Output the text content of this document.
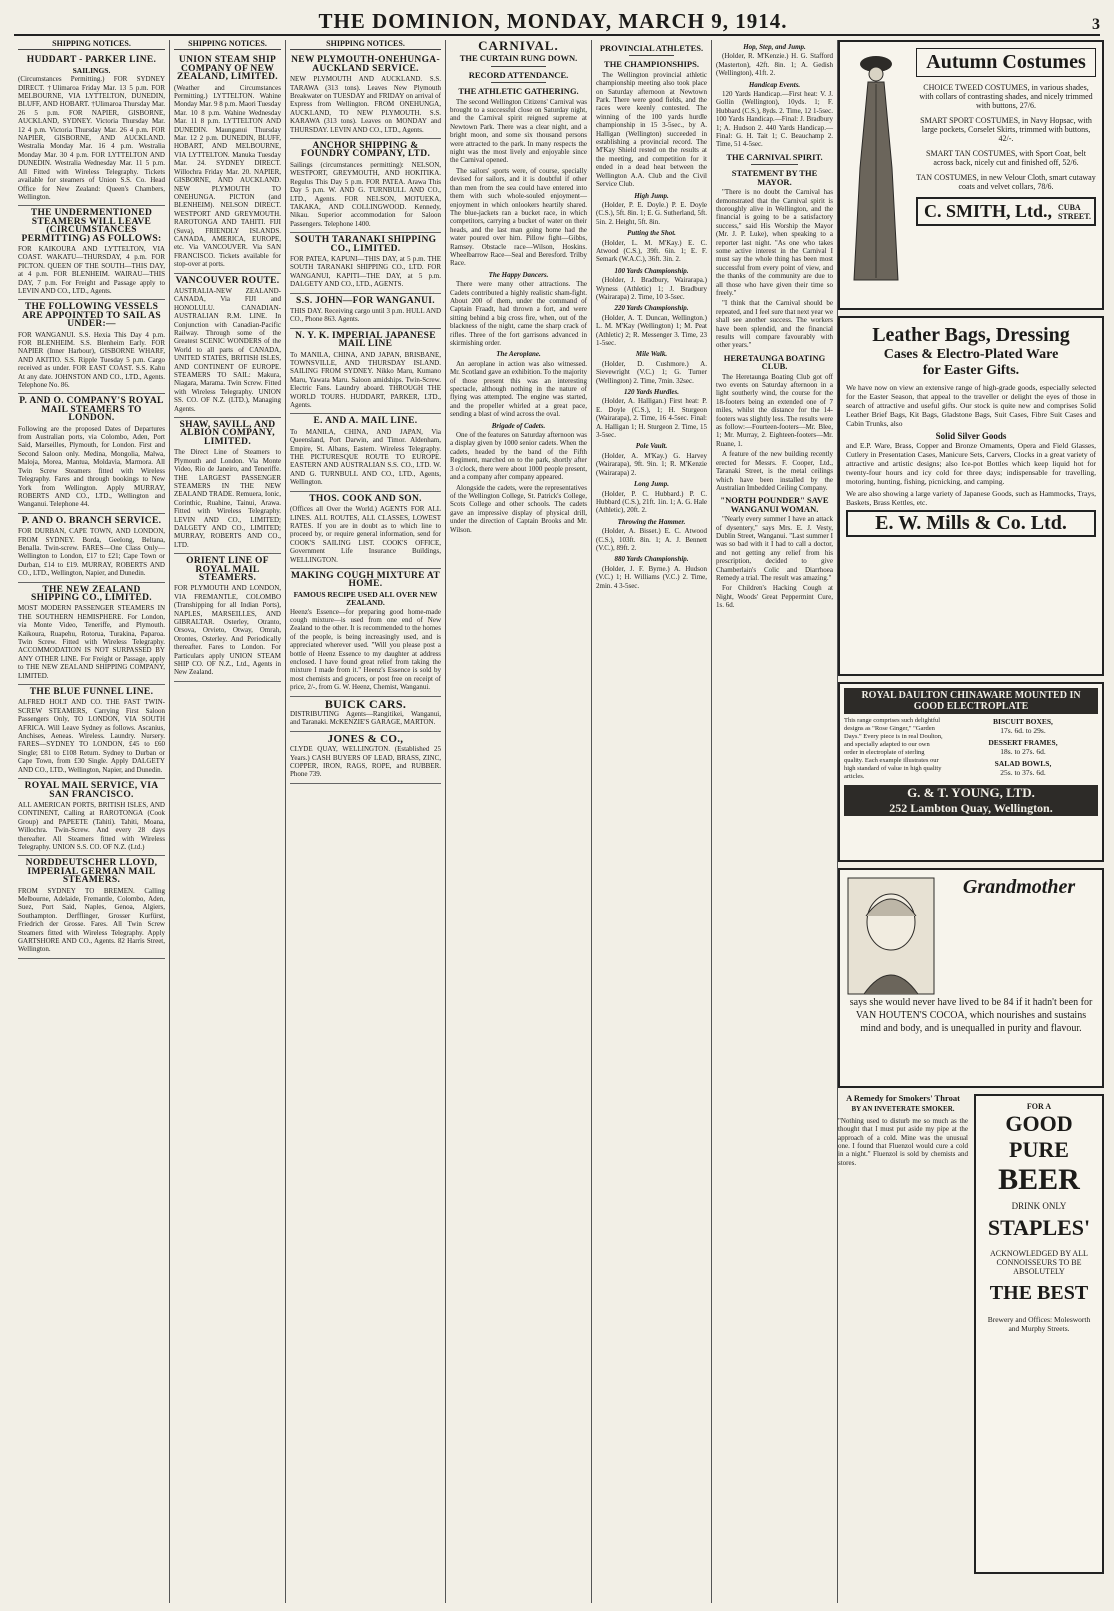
THE DOMINION, MONDAY, MARCH 9, 1914.	3
SHIPPING NOTICES.
HUDDART - PARKER LINE.
SAILINGS.

(Circumstances Permitting.) FOR SYDNEY DIRECT. †Ulimaroa Friday Mar. 13 5 p.m. FOR MELBOURNE, VIA LYTTELTON, DUNEDIN, BLUFF, AND HOBART. †Ulimaroa Thursday Mar. 26 5 p.m. FOR NAPIER, GISBORNE, AUCKLAND, SYDNEY. Victoria Thursday Mar. 12 4 p.m. Victoria Thursday Mar. 26 4 p.m. FOR NAPIER, GISBORNE, AND AUCKLAND. Westralia Monday Mar. 16 4 p.m. Westralia Monday Mar. 30 4 p.m. FOR LYTTELTON AND DUNEDIN. Westralia Wednesday Mar. 11 5 p.m. All Fitted with Wireless Telegraphy. Tickets available for steamers of Union S.S. Co. Head Office for New Zealand: Queen's Chambers, Wellington.

THE UNDERMENTIONED STEAMERS WILL LEAVE (CIRCUMSTANCES PERMITTING) AS FOLLOWS:

FOR KAIKOURA AND LYTTELTON, VIA COAST. WAKATU—THURSDAY, 4 p.m. FOR PICTON. QUEEN OF THE SOUTH—THIS DAY, at 4 p.m. FOR BLENHEIM. WAIRAU—THIS DAY, 7 p.m. For Freight and Passage apply to LEVIN AND CO., LTD., Agents.

THE FOLLOWING VESSELS ARE APPOINTED TO SAIL AS UNDER:—

FOR WANGANUI. S.S. Hexia This Day 4 p.m. FOR BLENHEIM. S.S. Blenheim Early. FOR NAPIER (Inner Harbour), GISBORNE WHARF, AND AKITIO. S.S. Ripple Tuesday 5 p.m. Cargo received as under. FOR EAST COAST. S.S. Kahu At any date. JOHNSTON AND CO., LTD., Agents. Telephone No. 86.

P. AND O. COMPANY'S ROYAL MAIL STEAMERS TO LONDON.

Following are the proposed Dates of Departures from Australian ports, via Colombo, Aden, Port Said, Marseilles, Plymouth, for London. First and Second Saloon only. Medina, Mongolia, Malwa, Maloja, Morea, Mantua, Moldavia, Marmora. All Twin Screw Steamers fitted with Wireless Telegraphy. Fares and through bookings to New York from Wellington. Apply MURRAY, ROBERTS AND CO., LTD., Wellington and Wanganui. Telephone 44.

P. AND O. BRANCH SERVICE.

FOR DURBAN, CAPE TOWN, AND LONDON, FROM SYDNEY. Borda, Geelong, Beltana, Benalla. Twin-screw. FARES—One Class Only—Wellington to London, £17 to £21; Cape Town or Durban, £14 to £19. MURRAY, ROBERTS AND CO., LTD., Wellington, Napier, and Dunedin.

THE NEW ZEALAND SHIPPING CO., LIMITED.

MOST MODERN PASSENGER STEAMERS IN THE SOUTHERN HEMISPHERE. For London, via Monte Video, Teneriffe, and Plymouth. Kaikoura, Ruapehu, Rotorua, Turakina, Paparoa. Twin Screw. Fitted with Wireless Telegraphy. ACCOMMODATION IS NOT SURPASSED BY ANY OTHER LINE. For Freight or Passage, apply to THE NEW ZEALAND SHIPPING COMPANY, LIMITED.

THE BLUE FUNNEL LINE.

ALFRED HOLT AND CO. THE FAST TWIN-SCREW STEAMERS, Carrying First Saloon Passengers Only, TO LONDON, VIA SOUTH AFRICA. Will Leave Sydney as follows. Ascanius, Anchises, Aeneas. Wireless. Laundry. Nursery. FARES—SYDNEY TO LONDON, £45 to £60 Single; £81 to £108 Return. Sydney to Durban or Cape Town, from £30 Single. Apply DALGETY AND CO., LTD., Wellington, Napier, and Dunedin.

ROYAL MAIL SERVICE, VIA SAN FRANCISCO.

ALL AMERICAN PORTS, BRITISH ISLES, AND CONTINENT, Calling at RAROTONGA (Cook Group) and PAPEETE (Tahiti). Tahiti, Moana, Willochra. Twin-Screw. And every 28 days thereafter. All Steamers fitted with Wireless Telegraphy. UNION S.S. CO. OF N.Z. (Ltd.)

NORDDEUTSCHER LLOYD, IMPERIAL GERMAN MAIL STEAMERS.

FROM SYDNEY TO BREMEN. Calling Melbourne, Adelaide, Fremantle, Colombo, Aden, Suez, Port Said, Naples, Genoa, Algiers, Southampton. Derfflinger, Grosser Kurfürst, Friedrich der Grosse. Fares. All Twin Screw Steamers fitted with Wireless Telegraphy. Apply GARTSHORE AND CO., Agents. 82 Harris Street, Wellington.

SHIPPING NOTICES.
UNION STEAM SHIP COMPANY OF NEW ZEALAND, LIMITED.

(Weather and Circumstances Permitting.) LYTTELTON. Wahine Monday Mar. 9 8 p.m. Maori Tuesday Mar. 10 8 p.m. Wahine Wednesday Mar. 11 8 p.m. LYTTELTON AND DUNEDIN. Maunganui Thursday Mar. 12 2 p.m. DUNEDIN, BLUFF, HOBART, AND MELBOURNE, VIA LYTTELTON. Manuka Tuesday Mar. 24. SYDNEY DIRECT. Willochra Friday Mar. 20. NAPIER, GISBORNE, AND AUCKLAND. NEW PLYMOUTH TO ONEHUNGA. PICTON (and BLENHEIM). NELSON DIRECT. WESTPORT AND GREYMOUTH. RAROTONGA AND TAHITI. FIJI (Suva), FRIENDLY ISLANDS. CANADA, AMERICA, EUROPE, etc. Via VANCOUVER. Via SAN FRANCISCO. Tickets available for stop-over at ports.

VANCOUVER ROUTE.

AUSTRALIA-NEW ZEALAND-CANADA, Via FIJI and HONOLULU. CANADIAN-AUSTRALIAN R.M. LINE. In Conjunction with Canadian-Pacific Railway. Through some of the Greatest SCENIC WONDERS of the World to all parts of CANADA, UNITED STATES, BRITISH ISLES, AND CONTINENT OF EUROPE. STEAMERS TO SAIL: Makura, Niagara, Marama. Twin Screw. Fitted with Wireless Telegraphy. UNION SS. CO. OF N.Z. (LTD.), Managing Agents.

SHAW, SAVILL, AND ALBION COMPANY, LIMITED.

The Direct Line of Steamers to Plymouth and London. Via Monte Video, Rio de Janeiro, and Teneriffe. THE LARGEST PASSENGER STEAMERS IN THE NEW ZEALAND TRADE. Remuera, Ionic, Corinthic, Ruahine, Tainui, Arawa. Fitted with Wireless Telegraphy. LEVIN AND CO., LIMITED; DALGETY AND CO., LIMITED; MURRAY, ROBERTS AND CO., LTD.

ORIENT LINE OF ROYAL MAIL STEAMERS.

FOR PLYMOUTH AND LONDON, VIA FREMANTLE, COLOMBO (Transhipping for all Indian Ports), NAPLES, MARSEILLES, AND GIBRALTAR. Osterley, Otranto, Orsova, Orvieto, Otway, Omrah, Orontes, Osterley. And Periodically thereafter. Fares to London. For Particulars apply UNION STEAM SHIP CO. OF N.Z., Ltd., Agents in New Zealand.

SHIPPING NOTICES.
NEW PLYMOUTH-ONEHUNGA-AUCKLAND SERVICE.

NEW PLYMOUTH AND AUCKLAND. S.S. TARAWA (313 tons). Leaves New Plymouth Breakwater on TUESDAY and FRIDAY on arrival of Express from Wellington. FROM ONEHUNGA, AUCKLAND, TO NEW PLYMOUTH. S.S. KARAWA (313 tons). Leaves on MONDAY and THURSDAY. LEVIN AND CO., LTD., Agents.

ANCHOR SHIPPING & FOUNDRY COMPANY, LTD.

Sailings (circumstances permitting): NELSON, WESTPORT, GREYMOUTH, AND HOKITIKA. Regulus This Day 5 p.m. FOR PATEA. Arawa This Day 5 p.m. W. AND G. TURNBULL AND CO., LTD., Agents. FOR NELSON, MOTUEKA, TAKAKA, AND COLLINGWOOD. Kennedy, Nikau. Superior accommodation for Saloon Passengers. Telephone 1400.

SOUTH TARANAKI SHIPPING CO., LIMITED.

FOR PATEA, KAPUNI—THIS DAY, at 5 p.m. THE SOUTH TARANAKI SHIPPING CO., LTD. FOR WANGANUI, KAPITI—THE DAY, at 5 p.m. DALGETY AND CO., LTD., AGENTS.

S.S. JOHN—FOR WANGANUI.

THIS DAY. Receiving cargo until 3 p.m. HULL AND CO., Phone 863. Agents.

N. Y. K. IMPERIAL JAPANESE MAIL LINE

To MANILA, CHINA, AND JAPAN, BRISBANE, TOWNSVILLE, AND THURSDAY ISLAND. SAILING FROM SYDNEY. Nikko Maru, Kumano Maru, Yawata Maru. Saloon amidships. Twin-Screw. Electric Fans. Laundry aboard. THROUGH THE WORLD TOURS. HUDDART, PARKER, LTD., Agents.

E. AND A. MAIL LINE.

To MANILA, CHINA, AND JAPAN, Via Queensland, Port Darwin, and Timor. Aldenham, Empire, St. Albans, Eastern. Wireless Telegraphy. THE PICTURESQUE ROUTE TO EUROPE. EASTERN AND AUSTRALIAN S.S. CO., LTD. W. AND G. TURNBULL AND CO., LTD., Agents, Wellington.

THOS. COOK AND SON.

(Offices all Over the World.) AGENTS FOR ALL LINES. ALL ROUTES, ALL CLASSES, LOWEST RATES. If you are in doubt as to which line to proceed by, or require general information, send for COOK'S SAILING LIST. COOK'S OFFICE, Government Life Insurance Buildings, WELLINGTON.

MAKING COUGH MIXTURE AT HOME.
FAMOUS RECIPE USED ALL OVER NEW ZEALAND.

Heenz's Essence—for preparing good home-made cough mixture—is used from one end of New Zealand to the other. It is recommended to the homes of the people, is being increasingly used, and is appreciated wherever used. "Will you please post a bottle of Heenz Essence to my daughter at address enclosed. I have found great relief from taking the mixture I made from it." Heenz's Essence is sold by most chemists and grocers, or post free on receipt of price, 2/-, from G. W. Heenz, Chemist, Wanganui.

BUICK CARS.

DISTRIBUTING Agents—Rangitikei, Wanganui, and Taranaki. McKENZIE'S GARAGE, MARTON.

JONES & CO.,

CLYDE QUAY, WELLINGTON. (Established 25 Years.) CASH BUYERS OF LEAD, BRASS, ZINC, COPPER, IRON, RAGS, ROPE, and RUBBER. Phone 739.

CARNIVAL.
THE CURTAIN RUNG DOWN.
RECORD ATTENDANCE.
THE ATHLETIC GATHERING.

The second Wellington Citizens' Carnival was brought to a successful close on Saturday night, and the Carnival spirit reigned supreme at Newtown Park. There was a clear night, and a bright moon, and some six thousand persons were attracted to the park. In many respects the night was the most lively and enjoyable since the Carnival opened.

The sailors' sports were, of course, specially devised for sailors, and it is doubtful if other than men from the sea could have entered into them with such whole-souled enjoyment—enjoyment in which onlookers heartily shared. The blue-jackets ran a bucket race, in which competitors, carrying a bucket of water on their heads, and the last man going home had the water poured over him. Pillow fight—Gibbs, Ramsey. Obstacle race—Wilson, Hoskins. Wheelbarrow Race—Seal and Beresford. Trilby Race.

The Happy Dancers.

There were many other attractions. The Cadets contributed a highly realistic sham-fight. About 200 of them, under the command of Captain Fraadt, had thrown a fort, and were sitting behind a big cross fire, when, out of the blackness of the night, came the sharp crack of rifles. Three of the fort garrisons advanced in skirmishing order.

The Aeroplane.

An aeroplane in action was also witnessed. Mr. Scotland gave an exhibition. To the majority of those present this was an interesting spectacle, although nothing in the nature of flying was attempted. The engine was started, and the propeller whirled at a great pace, sending a blast of wind across the oval.

Brigade of Cadets.

One of the features on Saturday afternoon was a display given by 1000 senior cadets. When the cadets, headed by the band of the Fifth Regiment, marched on to the park, shortly after 3 o'clock, there were about 1000 people present, and a company after company appeared.

Alongside the cadets, were the representatives of the Wellington College, St. Patrick's College, Scots College and other schools. The cadets gave an impressive display of physical drill, under the direction of Captain Brooks and Mr. Wilson.

PROVINCIAL ATHLETES.
THE CHAMPIONSHIPS.

The Wellington provincial athletic championship meeting also took place on Saturday afternoon at Newtown Park. There were good fields, and the races were keenly contested. The winning of the 100 yards hurdle championship in 15 3-5sec., by A. Halligan (Wellington) succeeded in establishing a provincial record. The M'Kay Shield rested on the results at the meeting, and competition for it ended in a dead heat between the Wellington A.A. Club and the Civil Service Club.

High Jump.

(Holder, P. E. Doyle.) P. E. Doyle (C.S.), 5ft. 8in. 1; E. G. Sutherland, 5ft. 5in. 2. Height, 5ft. 8in.

Putting the Shot.

(Holder, L. M. M'Kay.) E. C. Atwood (C.S.), 39ft. 6in. 1; E. F. Semark (W.A.C.), 36ft. 3in. 2.

100 Yards Championship.

(Holder, J. Bradbury, Wairarapa.) Wyness (Athletic) 1; J. Bradbury (Wairarapa) 2. Time, 10 3-5sec.

220 Yards Championship.

(Holder, A. T. Duncan, Wellington.) L. M. M'Kay (Wellington) 1; M. Peat (Athletic) 2; R. Messenger 3. Time, 23 1-5sec.

Mile Walk.

(Holder, D. Cushmore.) A. Sievewright (V.C.) 1; G. Turner (Wellington) 2. Time, 7min. 32sec.

120 Yards Hurdles.

(Holder, A. Halligan.) First heat: P. E. Doyle (C.S.), 1; H. Sturgeon (Wairarapa), 2. Time, 16 4-5sec. Final: A. Halligan 1; H. Sturgeon 2. Time, 15 3-5sec.

Pole Vault.

(Holder, A. M'Kay.) G. Harvey (Wairarapa), 9ft. 9in. 1; R. M'Kenzie (Wairarapa) 2.

Long Jump.

(Holder, P. C. Hubbard.) P. C. Hubbard (C.S.), 21ft. 1in. 1; A. G. Hale (Athletic), 20ft. 2.

Throwing the Hammer.

(Holder, A. Bisset.) E. C. Atwood (C.S.), 103ft. 8in. 1; A. J. Bennett (V.C.), 89ft. 2.

880 Yards Championship.

(Holder, J. F. Byrne.) A. Hudson (V.C.) 1; H. Williams (V.C.) 2. Time, 2min. 4 3-5sec.

Hop, Step, and Jump.

(Holder, R. M'Kenzie.) H. G. Stafford (Masterton), 42ft. 8in. 1; A. Gedish (Wellington), 41ft. 2.

Handicap Events.

120 Yards Handicap.—First heat: V. J. Gollin (Wellington), 10yds. 1; F. Hubbard (C.S.), 8yds. 2. Time, 12 1-5sec. 100 Yards Handicap.—Final: J. Bradbury 1; A. Hudson 2. 440 Yards Handicap.—Final: G. H. Tait 1; C. Beauchamp 2. Time, 51 4-5sec.

THE CARNIVAL SPIRIT.
STATEMENT BY THE MAYOR.

"There is no doubt the Carnival has demonstrated that the Carnival spirit is thoroughly alive in Wellington, and the financial is going to be a satisfactory success," said His Worship the Mayor (Mr. J. P. Luke), when speaking to a reporter last night. "As one who takes some active interest in the Carnival I must say the whole thing has been most successful from every point of view, and the thanks of the community are due to all those who have given their time so freely."

"I think that the Carnival should be repeated, and I feel sure that next year we shall see another success. The workers have been splendid, and the financial results will compare favourably with other years."

HERETAUNGA BOATING CLUB.

The Heretaunga Boating Club got off two events on Saturday afternoon in a light southerly wind, the course for the 18-footers being an extended one of 7 miles, whilst the distance for the 14-footers was slightly less. The results were as follow:—Fourteen-footers—Mr. Blee, 1; Mr. Murray, 2. Eighteen-footers—Mr. Ruane, 1.

A feature of the new building recently erected for Messrs. F. Cooper, Ltd., Taranaki Street, is the metal ceilings which have been installed by the Australian Imbedded Ceiling Company.

"NORTH POUNDER" SAVE WANGANUI WOMAN.

"Nearly every summer I have an attack of dysentery," says Mrs. E. J. Vesty, Dublin Street, Wanganui. "Last summer I was so bad with it I had to call a doctor, and not getting any relief from his prescription, decided to give Chamberlain's Colic and Diarrhoea Remedy a trial. The result was amazing."

For Children's Hacking Cough at Night, Woods' Great Peppermint Cure, 1s. 6d.

Autumn Costumes

CHOICE TWEED COSTUMES, in various shades, with collars of contrasting shades, and nicely trimmed with buttons, 27/6.

SMART SPORT COSTUMES, in Navy Hopsac, with large pockets, Corselet Skirts, trimmed with buttons, 42/-.

SMART TAN COSTUMES, with Sport Coat, belt across back, nicely cut and finished off, 52/6.

TAN COSTUMES, in new Velour Cloth, smart cutaway coats and velvet collars, 78/6.

C. SMITH, Ltd., CUBA STREET.
Leather Bags, Dressing
Cases & Electro-Plated Ware
for Easter Gifts.

We have now on view an extensive range of high-grade goods, especially selected for the Easter Season, that appeal to the traveller or delight the eyes of those in search of attractive and useful gifts. Our stock is quite new and comprises Solid Leather Brief Bags, Kit Bags, Gladstone Bags, Suit Cases, Fibre Suit Cases and Cabin Trunks, also

Solid Silver Goods

and E.P. Ware, Brass, Copper and Bronze Ornaments, Opera and Field Glasses, Cutlery in Presentation Cases, Manicure Sets, Carvers, Clocks in a great variety of attractive and artistic designs; also Ice-pot Bottles which keep liquid hot for twenty-four hours and icy cold for three days; indispensable for travelling, motoring, hunting, fishing, picnicking, and camping.

We are also showing a large variety of Japanese Goods, such as Hammocks, Trays, Baskets, Brass Kettles, etc.

E. W. Mills & Co. Ltd.
ROYAL DAULTON CHINAWARE MOUNTED IN GOOD ELECTROPLATE

This range comprises such delightful designs as "Rose Ginger," "Garden Days." Every piece is in real Doulton, and specially adapted to our own order in electroplate of sterling quality. Each example illustrates our high standard of value in high quality articles.

BISCUIT BOXES,
17s. 6d. to 29s.
DESSERT FRAMES,
18s. to 27s. 6d.
SALAD BOWLS,
25s. to 37s. 6d.
G. & T. YOUNG, LTD.
252 Lambton Quay, Wellington.
Grandmother

says she would never have lived to be 84 if it hadn't been for VAN HOUTEN'S COCOA, which nourishes and sustains mind and body, and is unequalled in purity and flavour.

A Remedy for Smokers' Throat
BY AN INVETERATE SMOKER.

"Nothing used to disturb me so much as the thought that I must put aside my pipe at the approach of a cold. Mine was the unusual one. I found that Fluenzol would cure a cold in a night." Fluenzol is sold by chemists and stores.

FOR A
GOOD
PURE
BEER
DRINK ONLY
STAPLES'
ACKNOWLEDGED BY ALL CONNOISSEURS TO BE ABSOLUTELY
THE BEST
Brewery and Offices: Molesworth and Murphy Streets.
